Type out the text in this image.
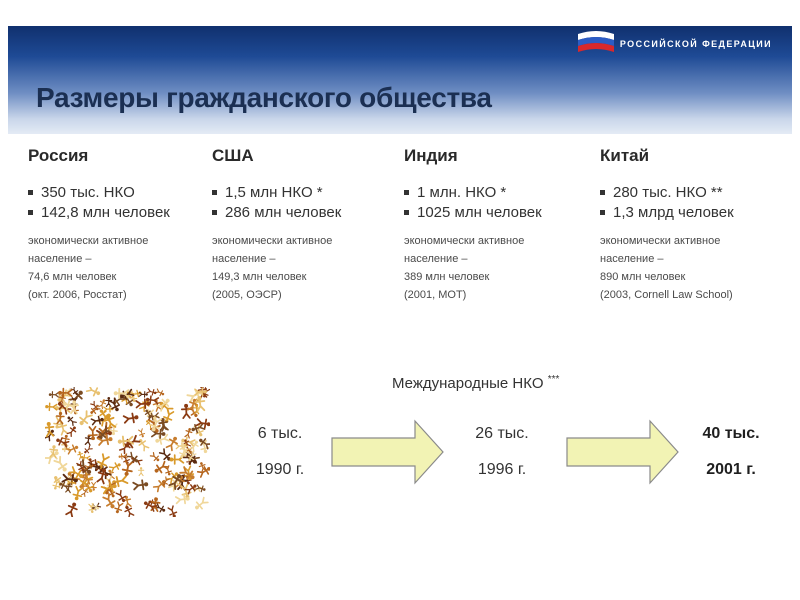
РОССИЙСКОЙ ФЕДЕРАЦИИ
Размеры гражданского общества
Россия
350 тыс. НКО
142,8 млн человек
экономически активное
население –
74,6 млн человек
(окт. 2006, Росстат)
США
1,5 млн НКО *
286 млн человек
экономически активное
население –
149,3 млн человек
(2005, ОЭСР)
Индия
1 млн. НКО *
1025 млн человек
экономически активное
население –
389 млн человек
(2001, МОТ)
Китай
280 тыс. НКО **
1,3 млрд человек
экономически активное
население –
890 млн человек
(2003, Cornell Law School)
Международные НКО ***
6 тыс.
1990 г.
26 тыс.
1996 г.
40 тыс.
2001 г.
